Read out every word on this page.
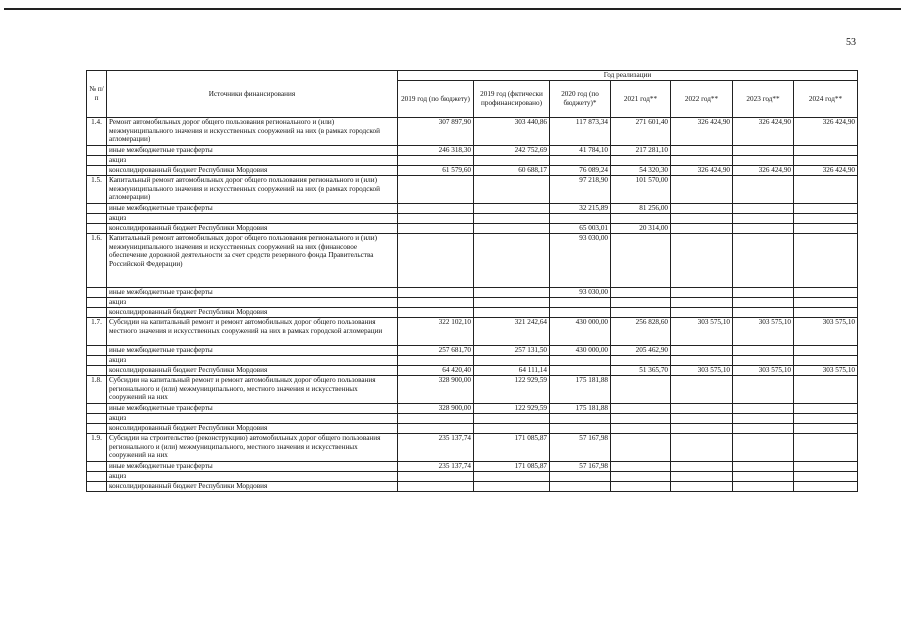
53
№ п/п	Источники финансирования	Год реализации						
		2019 год (по бюджету)	2019 год (фктически профинансировано)	2020 год (по бюджету)*	2021 год**	2022 год**	2023 год**	2024 год**
1.4.	Ремонт автомобильных дорог общего пользования регионального и (или) межмуниципального значения и искусственных сооружений на них (в рамках городской агломерации)	307 897,90	303 440,86	117 873,34	271 601,40	326 424,90	326 424,90	326 424,90
	иные межбюджетные трансферты	246 318,30	242 752,69	41 784,10	217 281,10			
	акциз							
	консолидированный бюджет Республики Мордовия	61 579,60	60 688,17	76 089,24	54 320,30	326 424,90	326 424,90	326 424,90
1.5.	Капитальный ремонт автомобильных дорог общего пользования регионального и (или) межмуниципального значения и искусственных сооружений на них (в рамках городской агломерации)			97 218,90	101 570,00			
	иные межбюджетные трансферты			32 215,89	81 256,00			
	акциз							
	консолидированный бюджет Республики Мордовия			65 003,01	20 314,00			
1.6.	Капитальный ремонт автомобильных дорог общего пользования регионального и (или) межмуниципального значения и искусственных сооружений на них (финансовое обеспечение дорожной деятельности за счет средств резервного фонда Правительства Российской Федерации)			93 030,00				
	иные межбюджетные трансферты			93 030,00				
	акциз							
	консолидированный бюджет Республики Мордовия							
1.7.	Субсидии на капитальный ремонт и ремонт автомобильных дорог общего пользования местного значения и искусственных сооружений на них в рамках городской агломерации	322 102,10	321 242,64	430 000,00	256 828,60	303 575,10	303 575,10	303 575,10
	иные межбюджетные трансферты	257 681,70	257 131,50	430 000,00	205 462,90			
	акциз							
	консолидированный бюджет Республики Мордовия	64 420,40	64 111,14		51 365,70	303 575,10	303 575,10	303 575,10
1.8.	Субсидии на капитальный ремонт и ремонт автомобильных дорог общего пользования регионального и (или) межмуниципального, местного значения и искусственных сооружений на них	328 900,00	122 929,59	175 181,88				
	иные межбюджетные трансферты	328 900,00	122 929,59	175 181,88				
	акциз							
	консолидированный бюджет Республики Мордовия							
1.9.	Субсидии на строительство (реконструкцию) автомобильных дорог общего пользования регионального и (или) межмуниципального, местного значения и искусственных сооружений на них	235 137,74	171 085,87	57 167,98				
	иные межбюджетные трансферты	235 137,74	171 085,87	57 167,98				
	акциз							
	консолидированный бюджет Республики Мордовия							
